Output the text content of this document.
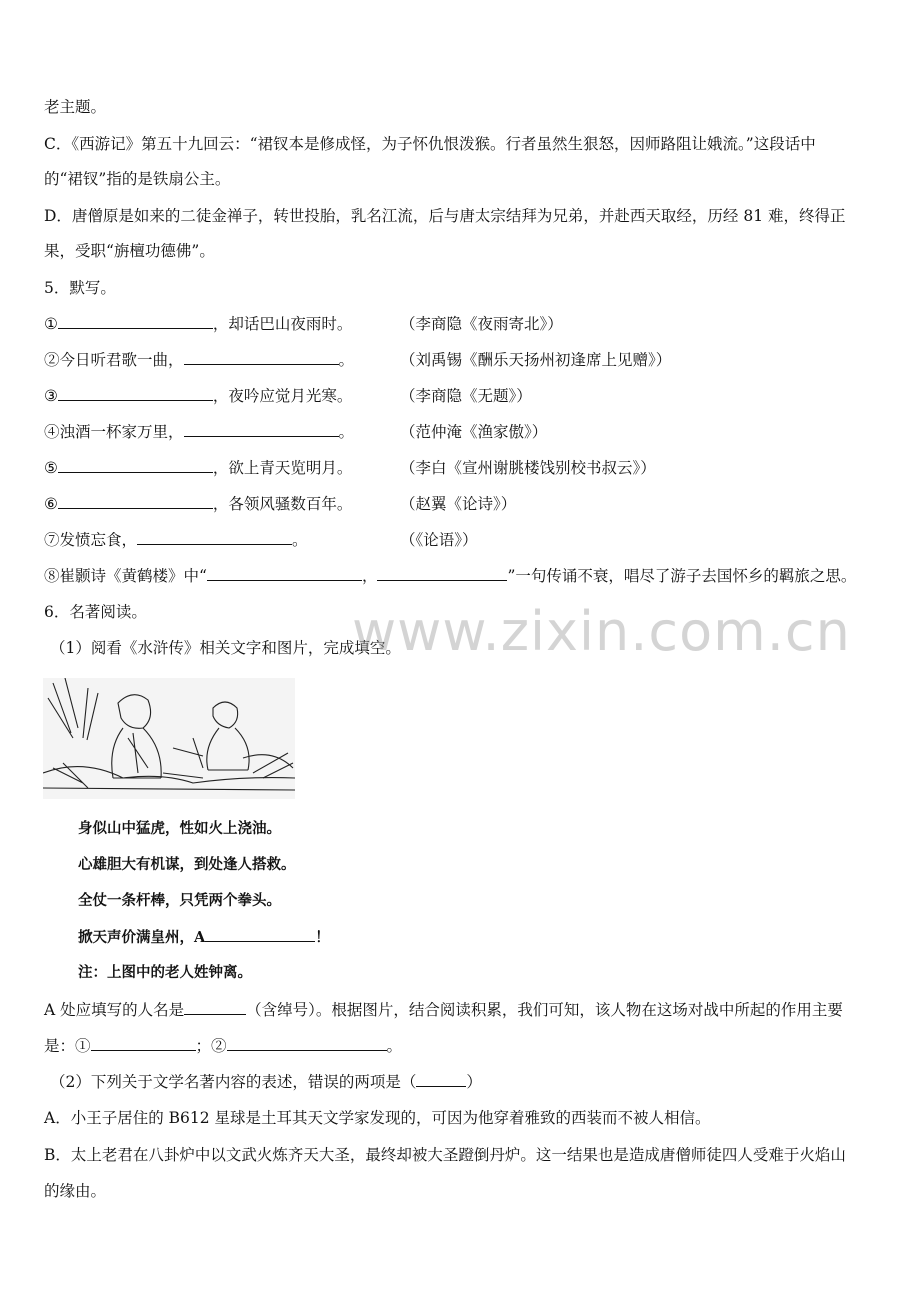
老主题。
C．《西游记》第五十九回云：“裙钗本是修成怪，为子怀仇恨泼猴。行者虽然生狠怒，因师路阻让娥流。”这段话中
的“裙钗”指的是铁扇公主。
D．唐僧原是如来的二徒金禅子，转世投胎，乳名江流，后与唐太宗结拜为兄弟，并赴西天取经，历经 81 难，终得正
果，受职“旃檀功德佛”。
5．默写。
①	，却话巴山夜雨时。	（李商隐《夜雨寄北》）
②今日听君歌一曲，	。	（刘禹锡《酬乐天扬州初逢席上见赠》）
③	，夜吟应觉月光寒。	（李商隐《无题》）
④浊酒一杯家万里，	。	（范仲淹《渔家傲》）
⑤	，欲上青天览明月。	（李白《宣州谢朓楼饯别校书叔云》）
⑥	，各领风骚数百年。	（赵翼《论诗》）
⑦发愤忘食，	。	（《论语》）
⑧崔颢诗《黄鹤楼》中“	，	”一句传诵不衰，唱尽了游子去国怀乡的羁旅之思。
6．名著阅读。
（1）阅看《水浒传》相关文字和图片，完成填空。
身似山中猛虎，性如火上浇油。
心雄胆大有机谋，到处逢人搭救。
全仗一条杆棒，只凭两个拳头。
掀天声价满皇州，A	！
注：上图中的老人姓钟离。
A 处应填写的人名是	（含绰号）。根据图片，结合阅读积累，我们可知，该人物在这场对战中所起的作用主要
是：①	；②	。
（2）下列关于文学名著内容的表述，错误的两项是（	）
A．小王子居住的 B612 星球是土耳其天文学家发现的，可因为他穿着雅致的西装而不被人相信。
B．太上老君在八卦炉中以文武火炼齐天大圣，最终却被大圣蹬倒丹炉。这一结果也是造成唐僧师徒四人受难于火焰山
的缘由。
www.zixin.com.cn
